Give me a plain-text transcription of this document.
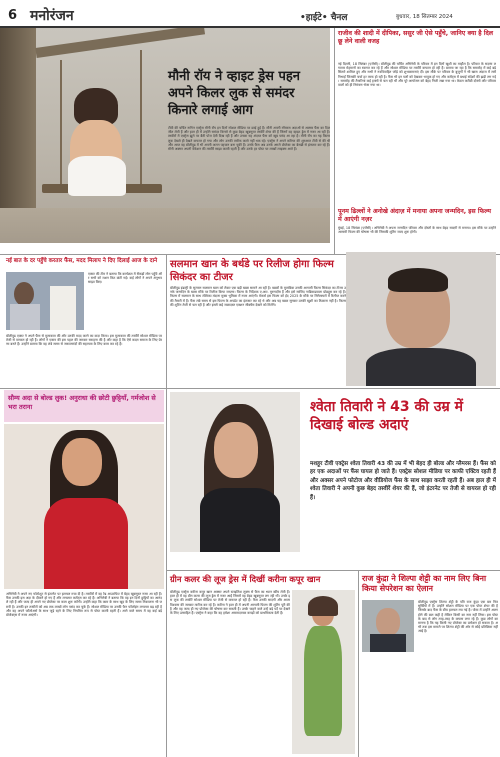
6 मनोरंजन	•हाईटे• चैनल	बुधवार, 18 सितम्बर 2024
मौनी रॉय ने व्हाइट ड्रेस पहन अपने किलर लुक से समंदर किनारे लगाई आग
टीवी की चर्चित नागिन एक्ट्रेस मौनी रॉय इन दिनों सोशल मीडिया पर छाई हुई हैं। मौनी अपनी ग्लैमरस अदाओं से अक्सर फैंस का दिल जीत लेती हैं और हाल ही में उन्होंने समंदर किनारे से कुछ बेहद खूबसूरत तस्वीरें शेयर की हैं जिनमें वह व्हाइट ड्रेस में नजर आ रही हैं। तस्वीरों में एक्ट्रेस झूले पर बैठी पोज देती दिख रही हैं और उनका यह अंदाज फैंस को खूब पसंद आ रहा है। मौनी रॉय का यह किलर लुक देखते ही देखते वायरल हो गया और लोग उनकी तारीफ करते नहीं थक रहे। एक्ट्रेस ने अपने करियर की शुरुआत टीवी से की थी और आज वह बॉलीवुड में भी अपनी अलग पहचान बना चुकी हैं। उनके फैंस अब उनके अगले प्रोजेक्ट का बेसब्री से इंतजार कर रहे हैं। मौनी अक्सर अपनी वेकेशन की तस्वीरें साझा करती रहती हैं और उनके हर पोस्ट पर लाखों लाइक्स आते हैं।
राजीव की शादी में दीपिका, ससुर जी ऐसे पहुँचे, जानिए क्या है दिल छू लेने वाली वजह
नई दिल्ली, 18 सितंबर (एजेंसी)। बॉलीवुड की चर्चित अभिनेत्री के परिवार में इन दिनों खुशी का माहौल है। परिवार के सदस्य लगातार मेहमानों का स्वागत कर रहे हैं और सोशल मीडिया पर तस्वीरें वायरल हो रही हैं। बताया जा रहा है कि समारोह में कई बड़े सितारे शामिल हुए और सभी ने नवविवाहित जोड़े को शुभकामनाएं दीं। इस मौके पर परिवार के बुजुर्गों ने भी खास अंदाज में रस्में निभाईं जिसकी चर्चा हर तरफ हो रही है। फैंस भी इन पलों को देखकर भावुक हो गए और कमेंट्स में बधाई संदेशों की झड़ी लग गई। समारोह की तैयारियां कई हफ्तों से चल रही थीं और पूरे आयोजन को बेहद निजी रखा गया था। केवल करीबी दोस्तों और परिवार वालों को ही निमंत्रण भेजा गया था।
पूनम ढिल्लों ने अनोखे अंदाज़ में मनाया अपना जन्मदिन, इस फिल्म में आएंगी नज़र
मुंबई, 18 सितंबर (एजेंसी)। अभिनेत्री ने अपना जन्मदिन परिवार और दोस्तों के साथ बेहद सादगी से मनाया। इस मौके पर उन्होंने आगामी फिल्म की घोषणा भी की जिसकी शूटिंग जल्द शुरू होगी।
नई बात के दर पहुँचे करतार फैंस, मदद मिलाप ने दिए दिलाई आज के दाने
एक्टर की टीम ने बताया कि कार्यक्रम में सैकड़ों लोग पहुँचे और सभी को राशन किट बांटी गई। कई लोगों ने अपने अनुभव साझा किए।
बॉलीवुड एक्टर ने अपने फैंस से मुलाकात की और उनकी मदद करने का वादा किया। इस मुलाकात की तस्वीरें सोशल मीडिया पर तेजी से वायरल हो रही हैं। लोगों ने एक्टर की इस पहल की जमकर सराहना की है और कहा है कि ऐसे कदम समाज के लिए प्रेरणा बनते हैं। उन्होंने बताया कि वह लंबे समय से जरूरतमंदों की सहायता के लिए काम कर रहे हैं।
सलमान खान के बर्थडे पर रिलीज होगा फिल्म सिकंदर का टीजर
बॉलीवुड इंडस्ट्री के सुल्तान सलमान खान को लेकर एक बड़ी खबर सामने आ रही है। खबरों के मुताबिक उनकी आगामी फिल्म सिकंदर का टीजर उनके जन्मदिन के खास मौके पर रिलीज किया जाएगा। फिल्म के निर्देशक ए.आर. मुरुगदॉस हैं और इसे साजिद नाडियाडवाला प्रोड्यूस कर रहे हैं। फिल्म में सलमान के साथ रश्मिका मंदाना मुख्य भूमिका में नजर आएंगी। मेकर्स इस फिल्म को ईद 2025 के मौके पर सिनेमाघरों में रिलीज करने की तैयारी में हैं। फैंस लंबे समय से इस फिल्म के अपडेट का इंतजार कर रहे थे और अब यह खबर सुनकर उनकी खुशी का ठिकाना नहीं है। फिल्म की शूटिंग तेजी से चल रही है और इसमें कई जबरदस्त एक्शन सीक्वेंस देखने को मिलेंगे।
सौम्य अदा से बोल्ड लुक! अनुराधा की छोटी छुट्टियाँ, गर्मजोश से भरा तराना
अभिनेत्री ने अपने नए फोटोशूट से इंटरनेट पर हलचल मचा दी है। तस्वीरों में वह रेड आउटफिट में बेहद खूबसूरत नजर आ रही हैं। फैंस उनकी इस अदा के दीवाने हो गए हैं और लगातार कमेंट्स कर रहे हैं। अभिनेत्री ने बताया कि वह इन दिनों छुट्टियों का आनंद ले रही हैं और जल्द ही अपने नए प्रोजेक्ट पर काम शुरू करेंगी। उन्होंने कहा कि काम के साथ खुद के लिए समय निकालना भी जरूरी है। उनकी इन तस्वीरों को अब तक लाखों लोग पसंद कर चुके हैं। सोशल मीडिया पर उनकी फैन फॉलोइंग लगातार बढ़ रही है और वह अपने फॉलोअर्स के साथ जुड़े रहने के लिए नियमित रूप से पोस्ट करती रहती हैं। आने वाले समय में वह कई बड़े प्रोजेक्ट्स में नजर आएंगी।
श्वेता तिवारी ने 43 की उम्र में दिखाई बोल्ड अदाएं
मशहूर टीवी एक्ट्रेस श्वेता तिवारी 43 की उम्र में भी बेहद ही बोल्ड और ग्लैमरस हैं। फैंस को हर एक अदाओं पर फैंस घायल हो जाते हैं। एक्ट्रेस सोशल मीडिया पर काफी एक्टिव रहती हैं और अक्सर अपने फोटोज और वीडियोज फैंस के साथ साझा करती रहती हैं। अब हाल ही में श्वेता तिवारी ने अपनी कुछ बेहद तस्वीरें शेयर की हैं, जो इंटरनेट पर तेजी से वायरल हो रही हैं।
ग्रीन कलर की लूज ड्रेस में दिखीं करीना कपूर खान
बॉलीवुड एक्ट्रेस करीना कपूर खान अक्सर अपने स्टाइलिश लुक्स से फैंस का ध्यान खींच लेती हैं। हाल ही में वह ग्रीन कलर की लूज ड्रेस में नजर आईं जिसमें वह बेहद खूबसूरत लग रही थीं। उनके इस लुक की तस्वीरें सोशल मीडिया पर तेजी से वायरल हो रही हैं। फैंस उनकी सादगी और आत्मविश्वास की जमकर तारीफ कर रहे हैं। करीना ने हाल ही में अपनी आगामी फिल्म की शूटिंग पूरी की है और वह जल्द ही नए प्रोजेक्ट की घोषणा कर सकती हैं। उनके चाहने वाले उन्हें बड़े पर्दे पर देखने के लिए उत्साहित हैं। एक्ट्रेस ने कहा कि वह हमेशा आरामदायक कपड़ों को प्राथमिकता देती हैं।
राज कुंद्रा ने शिल्पा शेट्टी का नाम लिए बिना किया सेपरेशन का ऐलान
बॉलीवुड एक्ट्रेस शिल्पा शेट्टी के पति राज कुंद्रा एक बार फिर सुर्खियों में हैं। उन्होंने सोशल मीडिया पर एक पोस्ट शेयर की है जिसके बाद फैंस के बीच हलचल मच गई है। पोस्ट में उन्होंने अलग होने की बात कही है लेकिन किसी का नाम नहीं लिया। इस पोस्ट के बाद से लोग तरह-तरह के कयास लगा रहे हैं। कुछ लोगों का मानना है कि यह किसी नए प्रोजेक्ट का प्रमोशन हो सकता है। अभी तक इस मामले पर शिल्पा शेट्टी की ओर से कोई प्रतिक्रिया नहीं आई है।
